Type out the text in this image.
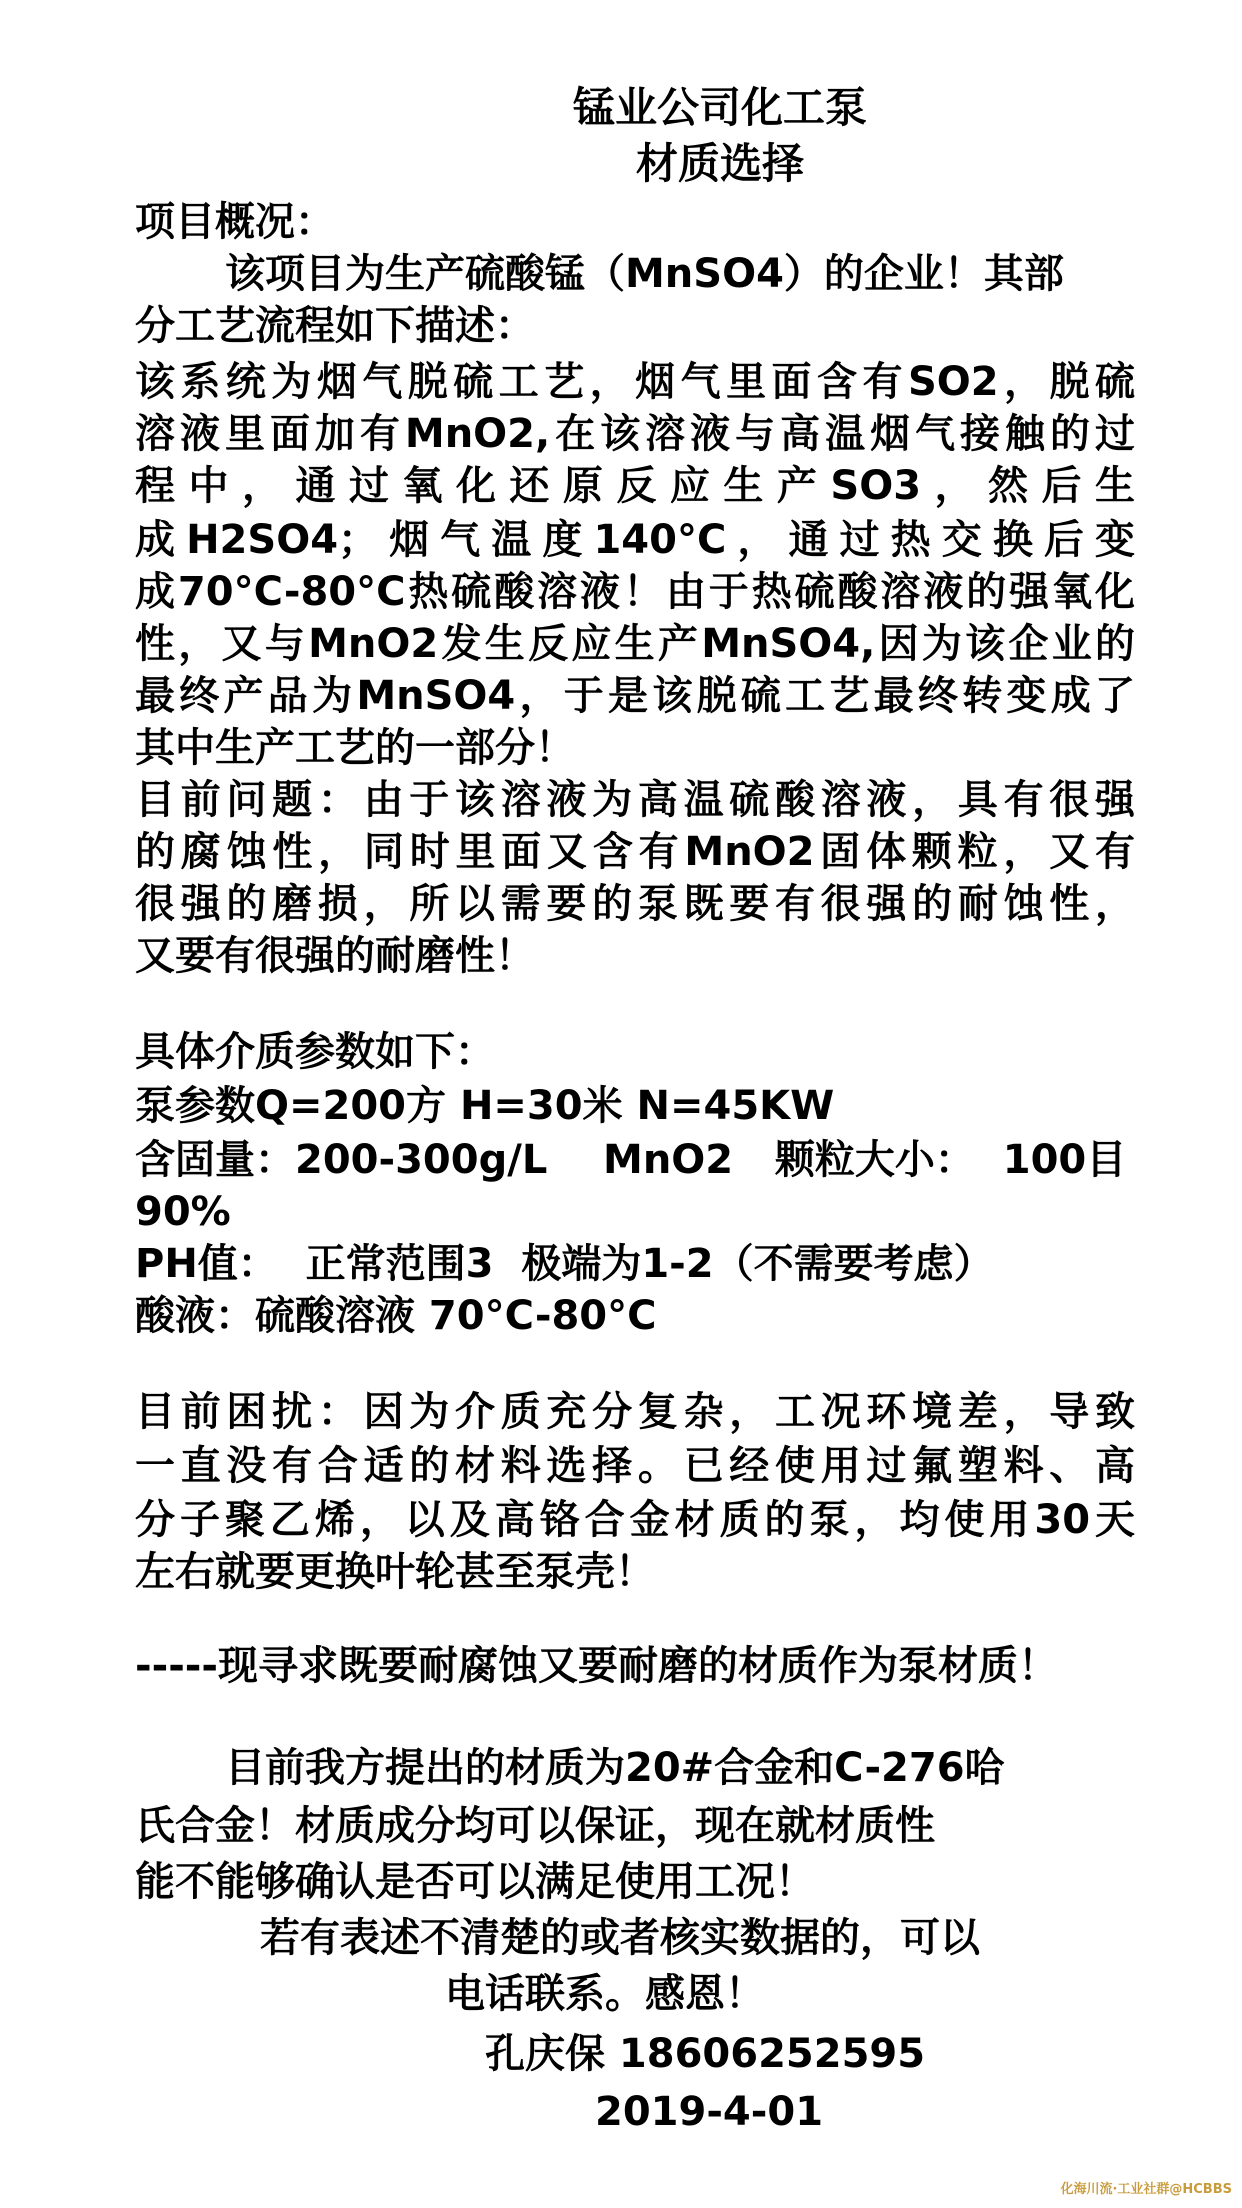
锰业公司化工泵
材质选择
项目概况：
该项目为生产硫酸锰（MnSO4）的企业！其部
分工艺流程如下描述：
该系统为烟气脱硫工艺，烟气里面含有SO2，脱硫
溶液里面加有MnO2,在该溶液与高温烟气接触的过
程中，通过氧化还原反应生产SO3，然后生
成H2SO4；烟气温度140°C，通过热交换后变
成70°C-80°C热硫酸溶液！由于热硫酸溶液的强氧化
性，又与MnO2发生反应生产MnSO4,因为该企业的
最终产品为MnSO4，于是该脱硫工艺最终转变成了
其中生产工艺的一部分！
目前问题：由于该溶液为高温硫酸溶液，具有很强
的腐蚀性，同时里面又含有MnO2固体颗粒，又有
很强的磨损，所以需要的泵既要有很强的耐蚀性，
又要有很强的耐磨性！
具体介质参数如下：
泵参数Q=200方 H=30米 N=45KW
含固量：200-300g/L    MnO2   颗粒大小：  100目
90%
PH值：  正常范围3  极端为1-2（不需要考虑）
酸液：硫酸溶液 70°C-80°C
目前困扰：因为介质充分复杂，工况环境差，导致
一直没有合适的材料选择。已经使用过氟塑料、高
分子聚乙烯，以及高铬合金材质的泵，均使用30天
左右就要更换叶轮甚至泵壳！
-----现寻求既要耐腐蚀又要耐磨的材质作为泵材质！
目前我方提出的材质为20#合金和C-276哈
氏合金！材质成分均可以保证，现在就材质性
能不能够确认是否可以满足使用工况！
若有表述不清楚的或者核实数据的，可以
电话联系。感恩！
孔庆保 18606252595
2019-4-01
化海川流·工业社群@HCBBS
